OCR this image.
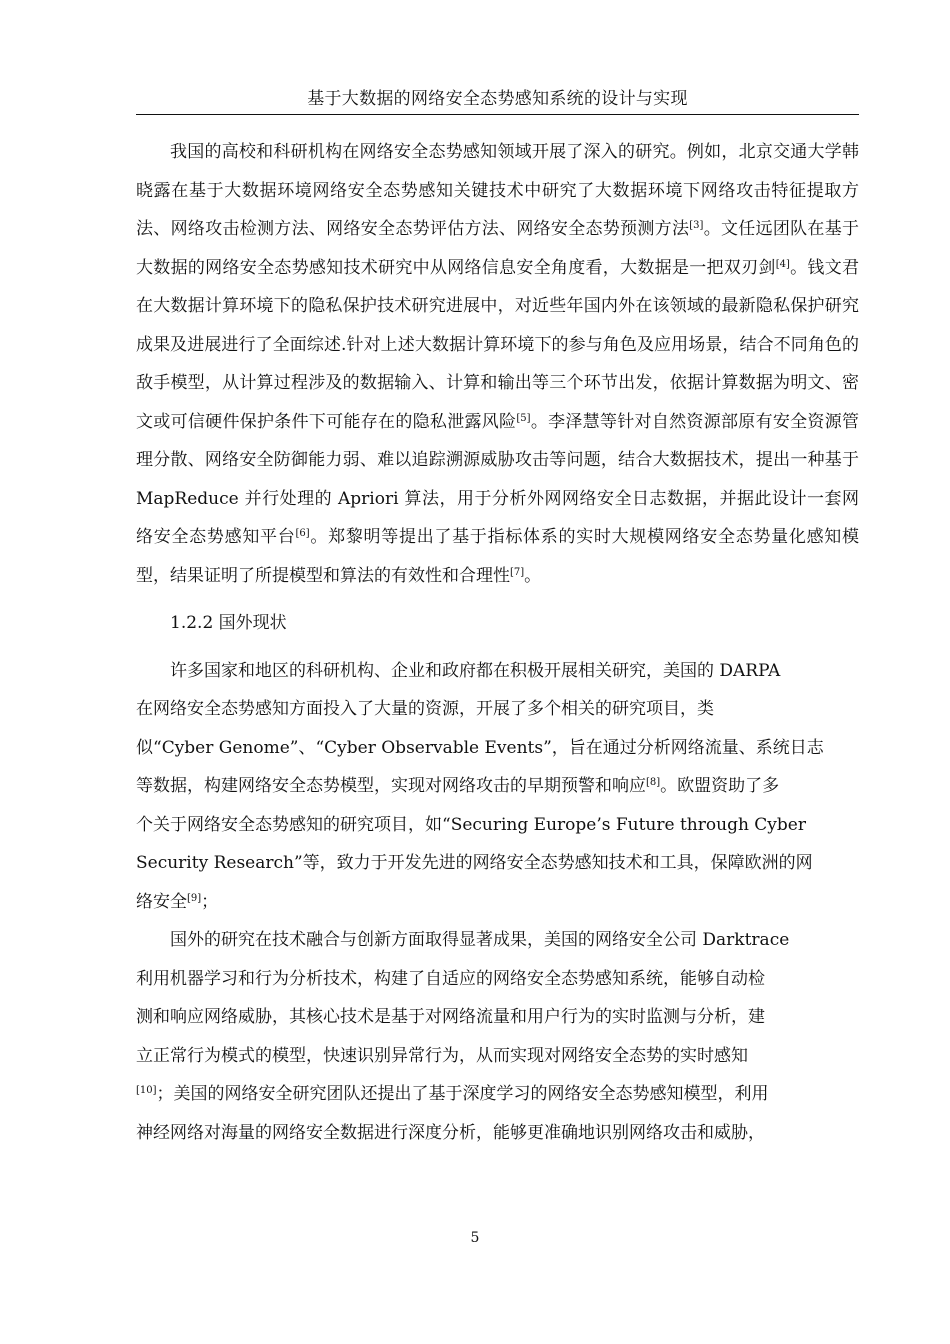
基于大数据的网络安全态势感知系统的设计与实现

我国的高校和科研机构在网络安全态势感知领域开展了深入的研究。例如，北京交通大学韩晓露在基于大数据环境网络安全态势感知关键技术中研究了大数据环境下网络攻击特征提取方法、网络攻击检测方法、网络安全态势评估方法、网络安全态势预测方法[3]。文任远团队在基于大数据的网络安全态势感知技术研究中从网络信息安全角度看，大数据是一把双刃剑[4]。钱文君在大数据计算环境下的隐私保护技术研究进展中，对近些年国内外在该领域的最新隐私保护研究成果及进展进行了全面综述.针对上述大数据计算环境下的参与角色及应用场景，结合不同角色的敌手模型，从计算过程涉及的数据输入、计算和输出等三个环节出发，依据计算数据为明文、密文或可信硬件保护条件下可能存在的隐私泄露风险[5]。李泽慧等针对自然资源部原有安全资源管理分散、网络安全防御能力弱、难以追踪溯源威胁攻击等问题，结合大数据技术，提出一种基于 MapReduce 并行处理的 Apriori 算法，用于分析外网网络安全日志数据，并据此设计一套网络安全态势感知平台[6]。郑黎明等提出了基于指标体系的实时大规模网络安全态势量化感知模型，结果证明了所提模型和算法的有效性和合理性[7]。

1.2.2 国外现状

许多国家和地区的科研机构、企业和政府都在积极开展相关研究，美国的 DARPA
在网络安全态势感知方面投入了大量的资源，开展了多个相关的研究项目，类
似“Cyber Genome”、“Cyber Observable Events”，旨在通过分析网络流量、系统日志
等数据，构建网络安全态势模型，实现对网络攻击的早期预警和响应[8]。欧盟资助了多
个关于网络安全态势感知的研究项目，如“Securing Europe’s Future through Cyber
Security Research”等，致力于开发先进的网络安全态势感知技术和工具，保障欧洲的网
络安全[9]；

国外的研究在技术融合与创新方面取得显著成果，美国的网络安全公司 Darktrace
利用机器学习和行为分析技术，构建了自适应的网络安全态势感知系统，能够自动检
测和响应网络威胁，其核心技术是基于对网络流量和用户行为的实时监测与分析，建
立正常行为模式的模型，快速识别异常行为，从而实现对网络安全态势的实时感知
[10]；美国的网络安全研究团队还提出了基于深度学习的网络安全态势感知模型，利用
神经网络对海量的网络安全数据进行深度分析，能够更准确地识别网络攻击和威胁，

5
